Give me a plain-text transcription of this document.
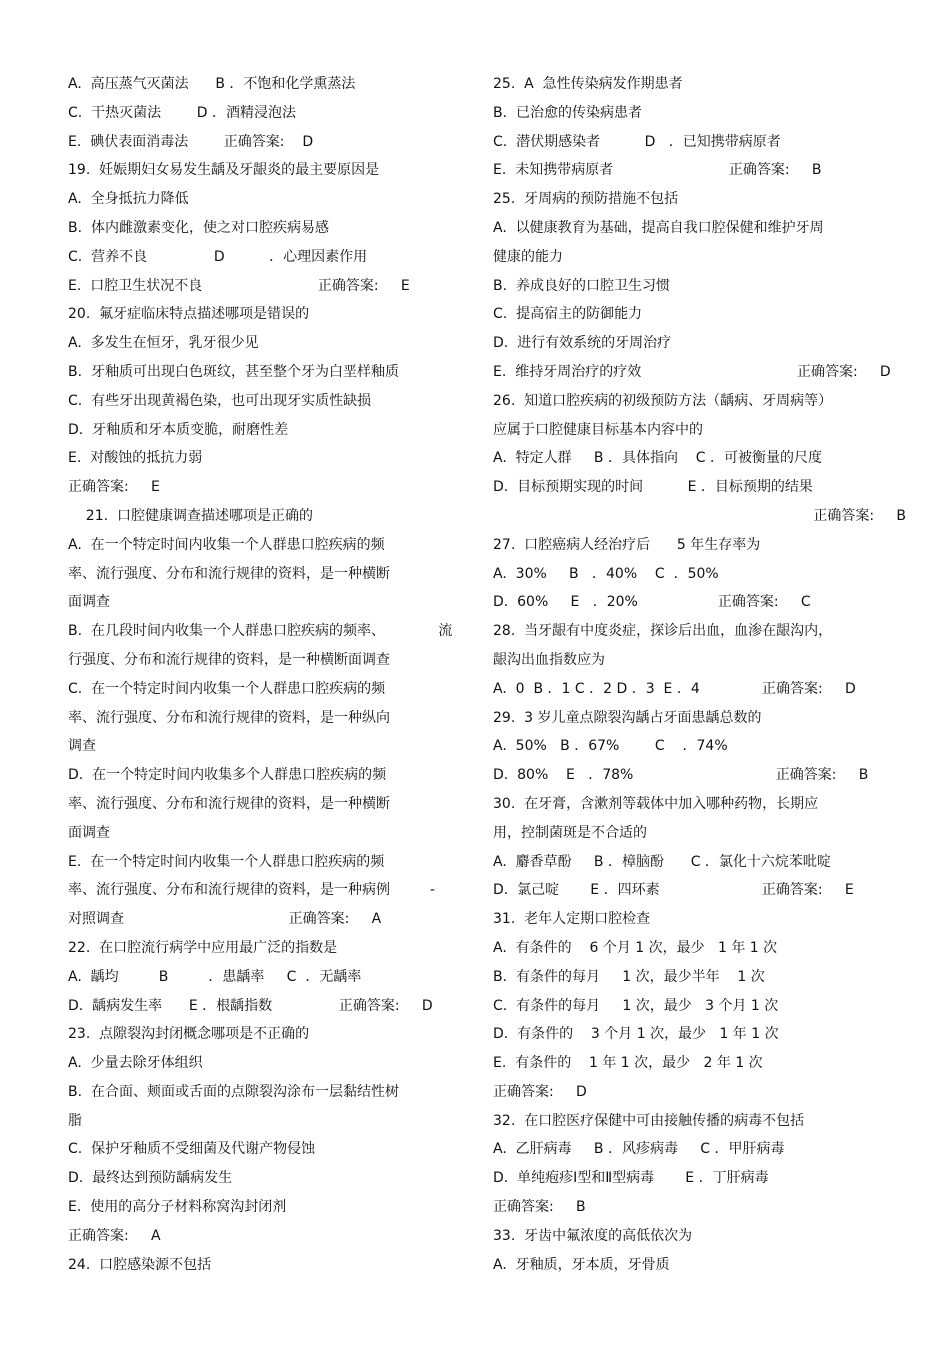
A.  高压蒸气灭菌法      B ．不饱和化学熏蒸法
C.  干热灭菌法        D ．酒精浸泡法
E.  碘伏表面消毒法        正确答案:    D
19.  妊娠期妇女易发生龋及牙龈炎的最主要原因是
A.  全身抵抗力降低
B.  体内雌激素变化，使之对口腔疾病易感
C.  营养不良               D          ．心理因素作用
E.  口腔卫生状况不良                          正确答案:     E
20.  氟牙症临床特点描述哪项是错误的
A.  多发生在恒牙，乳牙很少见
B.  牙釉质可出现白色斑纹，甚至整个牙为白垩样釉质
C.  有些牙出现黄褐色染，也可出现牙实质性缺损
D.  牙釉质和牙本质变脆，耐磨性差
E.  对酸蚀的抵抗力弱
正确答案:     E
21.  口腔健康调查描述哪项是正确的
A.  在一个特定时间内收集一个人群患口腔疾病的频
率、流行强度、分布和流行规律的资料，是一种横断
面调查
B.  在几段时间内收集一个人群患口腔疾病的频率、            流
行强度、分布和流行规律的资料，是一种横断面调查
C.  在一个特定时间内收集一个人群患口腔疾病的频
率、流行强度、分布和流行规律的资料，是一种纵向
调查
D.  在一个特定时间内收集多个人群患口腔疾病的频
率、流行强度、分布和流行规律的资料，是一种横断
面调查
E.  在一个特定时间内收集一个人群患口腔疾病的频
率、流行强度、分布和流行规律的资料，是一种病例         -
对照调查                                     正确答案:     A
22.  在口腔流行病学中应用最广泛的指数是
A.  龋均         B         ．患龋率     C  ．无龋率
D.  龋病发生率      E ．根龋指数               正确答案:     D
23.  点隙裂沟封闭概念哪项是不正确的
A.  少量去除牙体组织
B.  在合面、颊面或舌面的点隙裂沟涂布一层黏结性树
脂
C.  保护牙釉质不受细菌及代谢产物侵蚀
D.  最终达到预防龋病发生
E.  使用的高分子材料称窝沟封闭剂
正确答案:     A
24.  口腔感染源不包括
25.  A  急性传染病发作期患者
B.  已治愈的传染病患者
C.  潜伏期感染者          D   ．已知携带病原者
E.  未知携带病原者                          正确答案:     B
25.  牙周病的预防措施不包括
A.  以健康教育为基础，提高自我口腔保健和维护牙周
健康的能力
B.  养成良好的口腔卫生习惯
C.  提高宿主的防御能力
D.  进行有效系统的牙周治疗
E.  维持牙周治疗的疗效                                   正确答案:     D
26.  知道口腔疾病的初级预防方法（龋病、牙周病等）
应属于口腔健康目标基本内容中的
A.  特定人群     B ．具体指向    C ．可被衡量的尺度
D.  目标预期实现的时间          E ．目标预期的结果
正确答案:     B
27.  口腔癌病人经治疗后      5 年生存率为
A.  30%     B   ．40%    C  ．50%
D.  60%     E   ．20%                  正确答案:     C
28.  当牙龈有中度炎症，探诊后出血，血渗在龈沟内，
龈沟出血指数应为
A.  0  B ．1 C ．2 D ．3  E ．4              正确答案:     D
29.  3 岁儿童点隙裂沟龋占牙面患龋总数的
A.  50%   B ．67%        C    ．74%
D.  80%    E   ．78%                                正确答案:     B
30.  在牙膏，含漱剂等载体中加入哪种药物，长期应
用，控制菌斑是不合适的
A.  麝香草酚     B ．樟脑酚      C ．氯化十六烷苯吡啶
D.  氯己啶       E ．四环素                       正确答案:     E
31.  老年人定期口腔检查
A.  有条件的    6 个月 1 次，最少   1 年 1 次
B.  有条件的每月     1 次，最少半年    1 次
C.  有条件的每月     1 次，最少   3 个月 1 次
D.  有条件的    3 个月 1 次，最少   1 年 1 次
E.  有条件的    1 年 1 次，最少   2 年 1 次
正确答案:     D
32.  在口腔医疗保健中可由接触传播的病毒不包括
A.  乙肝病毒     B ．风疹病毒     C ．甲肝病毒
D.  单纯疱疹Ⅰ型和Ⅱ型病毒       E ．丁肝病毒
正确答案:     B
33.  牙齿中氟浓度的高低依次为
A.  牙釉质，牙本质，牙骨质
